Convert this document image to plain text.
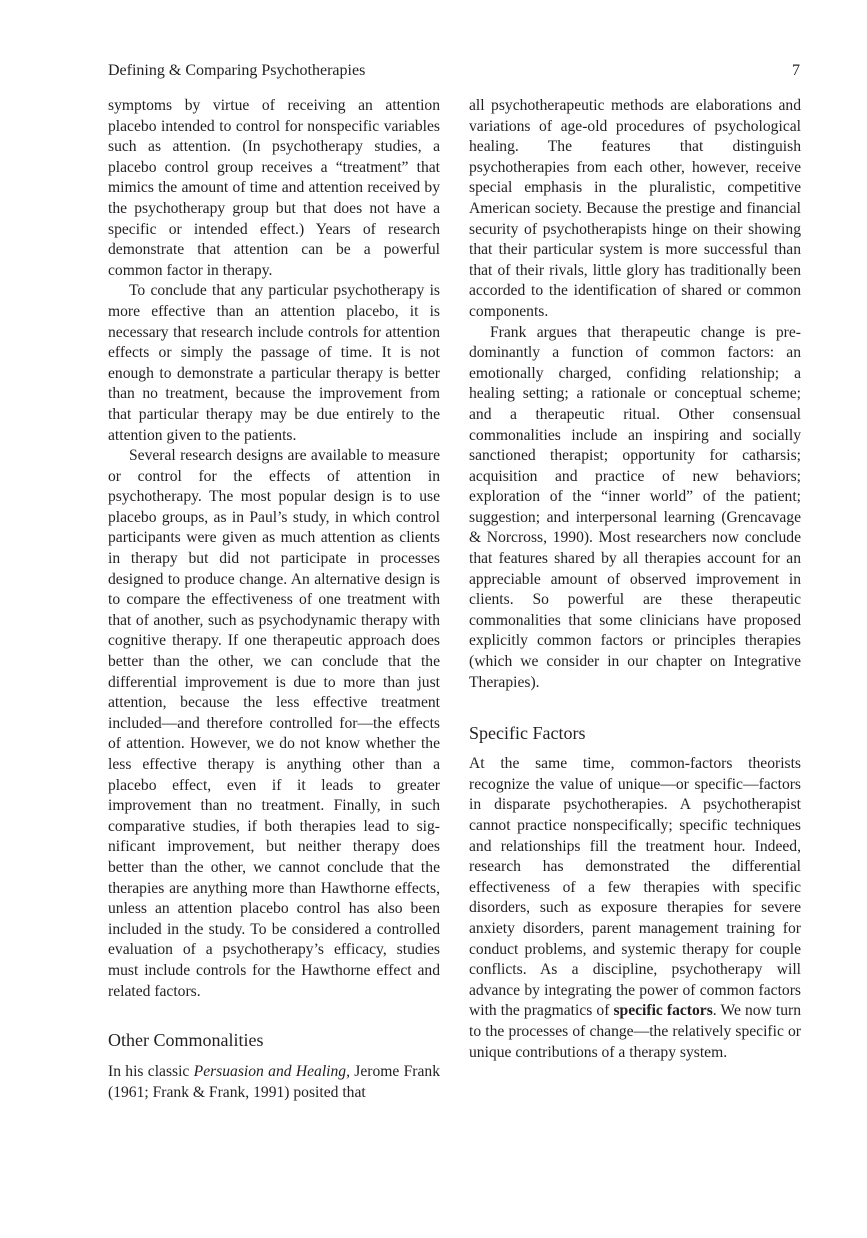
Defining & Comparing Psychotherapies	7

symptoms by virtue of receiving an attention placebo intended to control for nonspecific variables such as attention. (In psychotherapy studies, a placebo control group receives a “treatment” that mimics the amount of time and attention received by the psychotherapy group but that does not have a specific or intended effect.) Years of research demonstrate that attention can be a powerful common factor in therapy.

To conclude that any particular psychotherapy is more effective than an attention placebo, it is necessary that research include controls for attention effects or simply the passage of time. It is not enough to demonstrate a particular therapy is better than no treatment, because the improvement from that particular therapy may be due entirely to the attention given to the patients.

Several research designs are available to measure or control for the effects of attention in psychotherapy. The most popular design is to use placebo groups, as in Paul’s study, in which control participants were given as much attention as clients in therapy but did not participate in processes designed to produce change. An alternative design is to compare the effectiveness of one treatment with that of another, such as psychodynamic therapy with cognitive therapy. If one therapeutic approach does better than the other, we can conclude that the differential improvement is due to more than just attention, because the less effective treatment included—and therefore controlled for—the effects of attention. However, we do not know whether the less effective therapy is anything other than a placebo effect, even if it leads to greater improvement than no treatment. Finally, in such comparative studies, if both therapies lead to significant improvement, but neither therapy does better than the other, we cannot conclude that the therapies are anything more than Hawthorne effects, unless an attention placebo control has also been included in the study. To be considered a controlled evaluation of a psychotherapy’s efficacy, studies must include controls for the Hawthorne effect and related factors.

Other Commonalities

In his classic Persuasion and Healing, Jerome Frank (1961; Frank & Frank, 1991) posited that

all psychotherapeutic methods are elaborations and variations of age-old procedures of psychological healing. The features that distinguish psychotherapies from each other, however, receive special emphasis in the pluralistic, competitive American society. Because the prestige and financial security of psychotherapists hinge on their showing that their particular system is more successful than that of their rivals, little glory has traditionally been accorded to the identification of shared or common components.

Frank argues that therapeutic change is predominantly a function of common factors: an emotionally charged, confiding relationship; a healing setting; a rationale or conceptual scheme; and a therapeutic ritual. Other consensual commonalities include an inspiring and socially sanctioned therapist; opportunity for catharsis; acquisition and practice of new behaviors; exploration of the “inner world” of the patient; suggestion; and interpersonal learning (Grencavage & Norcross, 1990). Most researchers now conclude that features shared by all therapies account for an appreciable amount of observed improvement in clients. So powerful are these therapeutic commonalities that some clinicians have proposed explicitly common factors or principles therapies (which we consider in our chapter on Integrative Therapies).

Specific Factors

At the same time, common-factors theorists recognize the value of unique—or specific—factors in disparate psychotherapies. A psychotherapist cannot practice nonspecifically; specific techniques and relationships fill the treatment hour. Indeed, research has demonstrated the differential effectiveness of a few therapies with specific disorders, such as exposure therapies for severe anxiety disorders, parent management training for conduct problems, and systemic therapy for couple conflicts. As a discipline, psychotherapy will advance by integrating the power of common factors with the pragmatics of specific factors. We now turn to the processes of change—the relatively specific or unique contributions of a therapy system.
